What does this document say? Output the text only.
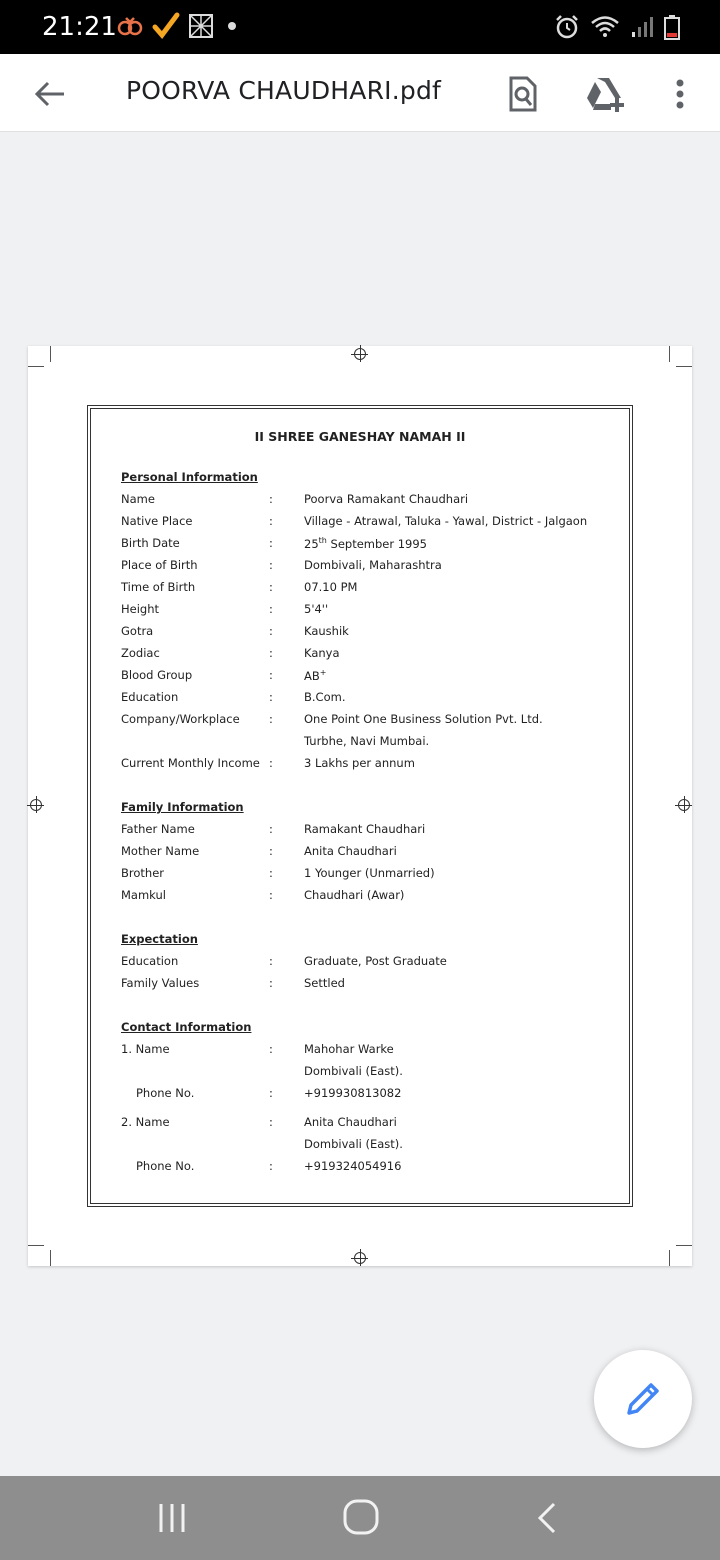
21:21
POORVA CHAUDHARI.pdf
II SHREE GANESHAY NAMAH II
Personal Information
Name	:	Poorva Ramakant Chaudhari
Native Place	:	Village - Atrawal, Taluka - Yawal, District - Jalgaon
Birth Date	:	25th September 1995
Place of Birth	:	Dombivali, Maharashtra
Time of Birth	:	07.10 PM
Height	:	5'4''
Gotra	:	Kaushik
Zodiac	:	Kanya
Blood Group	:	AB+
Education	:	B.Com.
Company/Workplace	:	One Point One Business Solution Pvt. Ltd.
Turbhe, Navi Mumbai.
Current Monthly Income :	3 Lakhs per annum
Family Information
Father Name	:	Ramakant Chaudhari
Mother Name	:	Anita Chaudhari
Brother	:	1 Younger (Unmarried)
Mamkul	:	Chaudhari (Awar)
Expectation
Education	:	Graduate, Post Graduate
Family Values	:	Settled
Contact Information
1. Name	:	Mahohar Warke
Dombivali (East).
Phone No.	:	+919930813082
2. Name	:	Anita Chaudhari
Dombivali (East).
Phone No.	:	+919324054916
